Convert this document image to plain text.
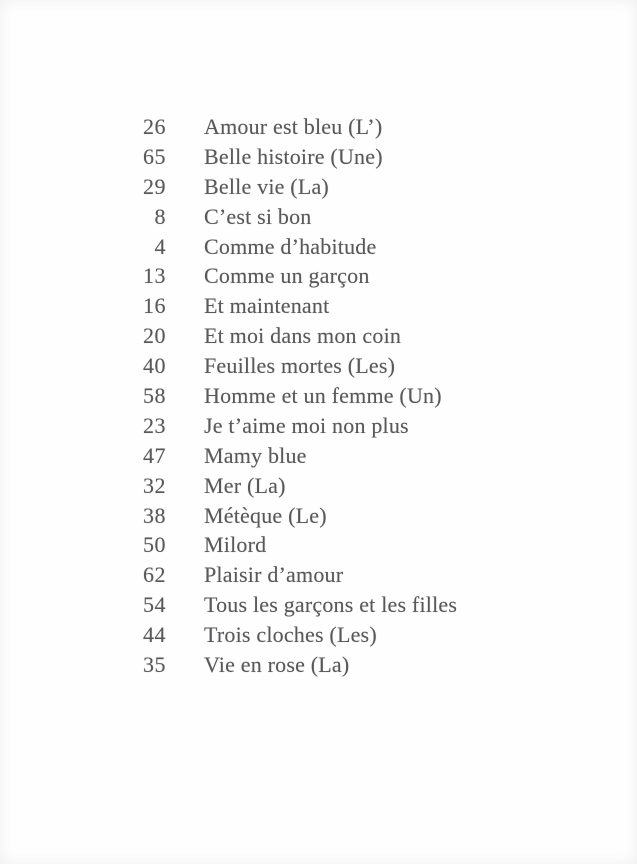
26 Amour est bleu (L’)
65 Belle histoire (Une)
29 Belle vie (La)
8 C’est si bon
4 Comme d’habitude
13 Comme un garçon
16 Et maintenant
20 Et moi dans mon coin
40 Feuilles mortes (Les)
58 Homme et un femme (Un)
23 Je t’aime moi non plus
47 Mamy blue
32 Mer (La)
38 Métèque (Le)
50 Milord
62 Plaisir d’amour
54 Tous les garçons et les filles
44 Trois cloches (Les)
35 Vie en rose (La)
